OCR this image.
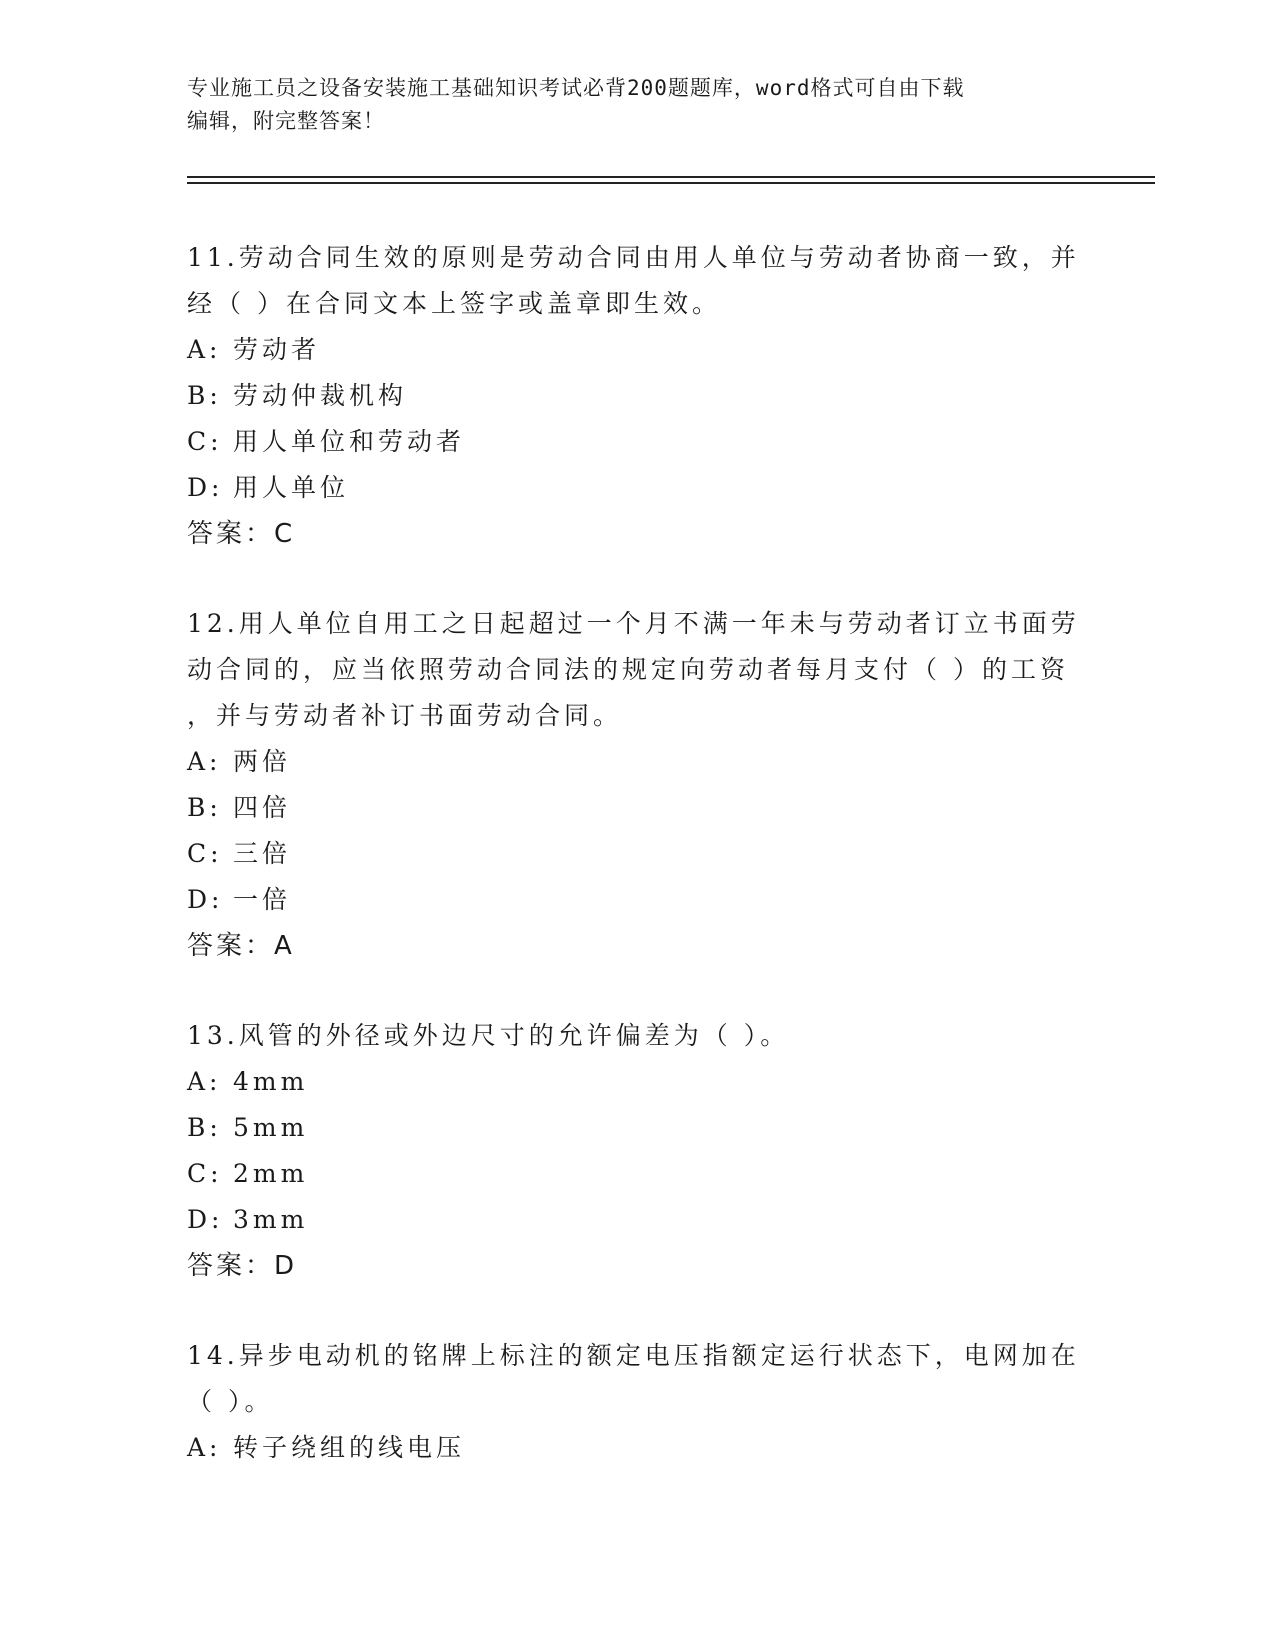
专业施工员之设备安装施工基础知识考试必背200题题库，word格式可自由下载
编辑，附完整答案！

11.劳动合同生效的原则是劳动合同由用人单位与劳动者协商一致，并

经（ ）在合同文本上签字或盖章即生效。

A: 劳动者

B: 劳动仲裁机构

C: 用人单位和劳动者

D: 用人单位

答案：C

12.用人单位自用工之日起超过一个月不满一年未与劳动者订立书面劳

动合同的，应当依照劳动合同法的规定向劳动者每月支付（ ）的工资

，并与劳动者补订书面劳动合同。

A: 两倍

B: 四倍

C: 三倍

D: 一倍

答案：A

13.风管的外径或外边尺寸的允许偏差为（ ）。

A: 4mm

B: 5mm

C: 2mm

D: 3mm

答案：D

14.异步电动机的铭牌上标注的额定电压指额定运行状态下，电网加在

（ ）。

A: 转子绕组的线电压
